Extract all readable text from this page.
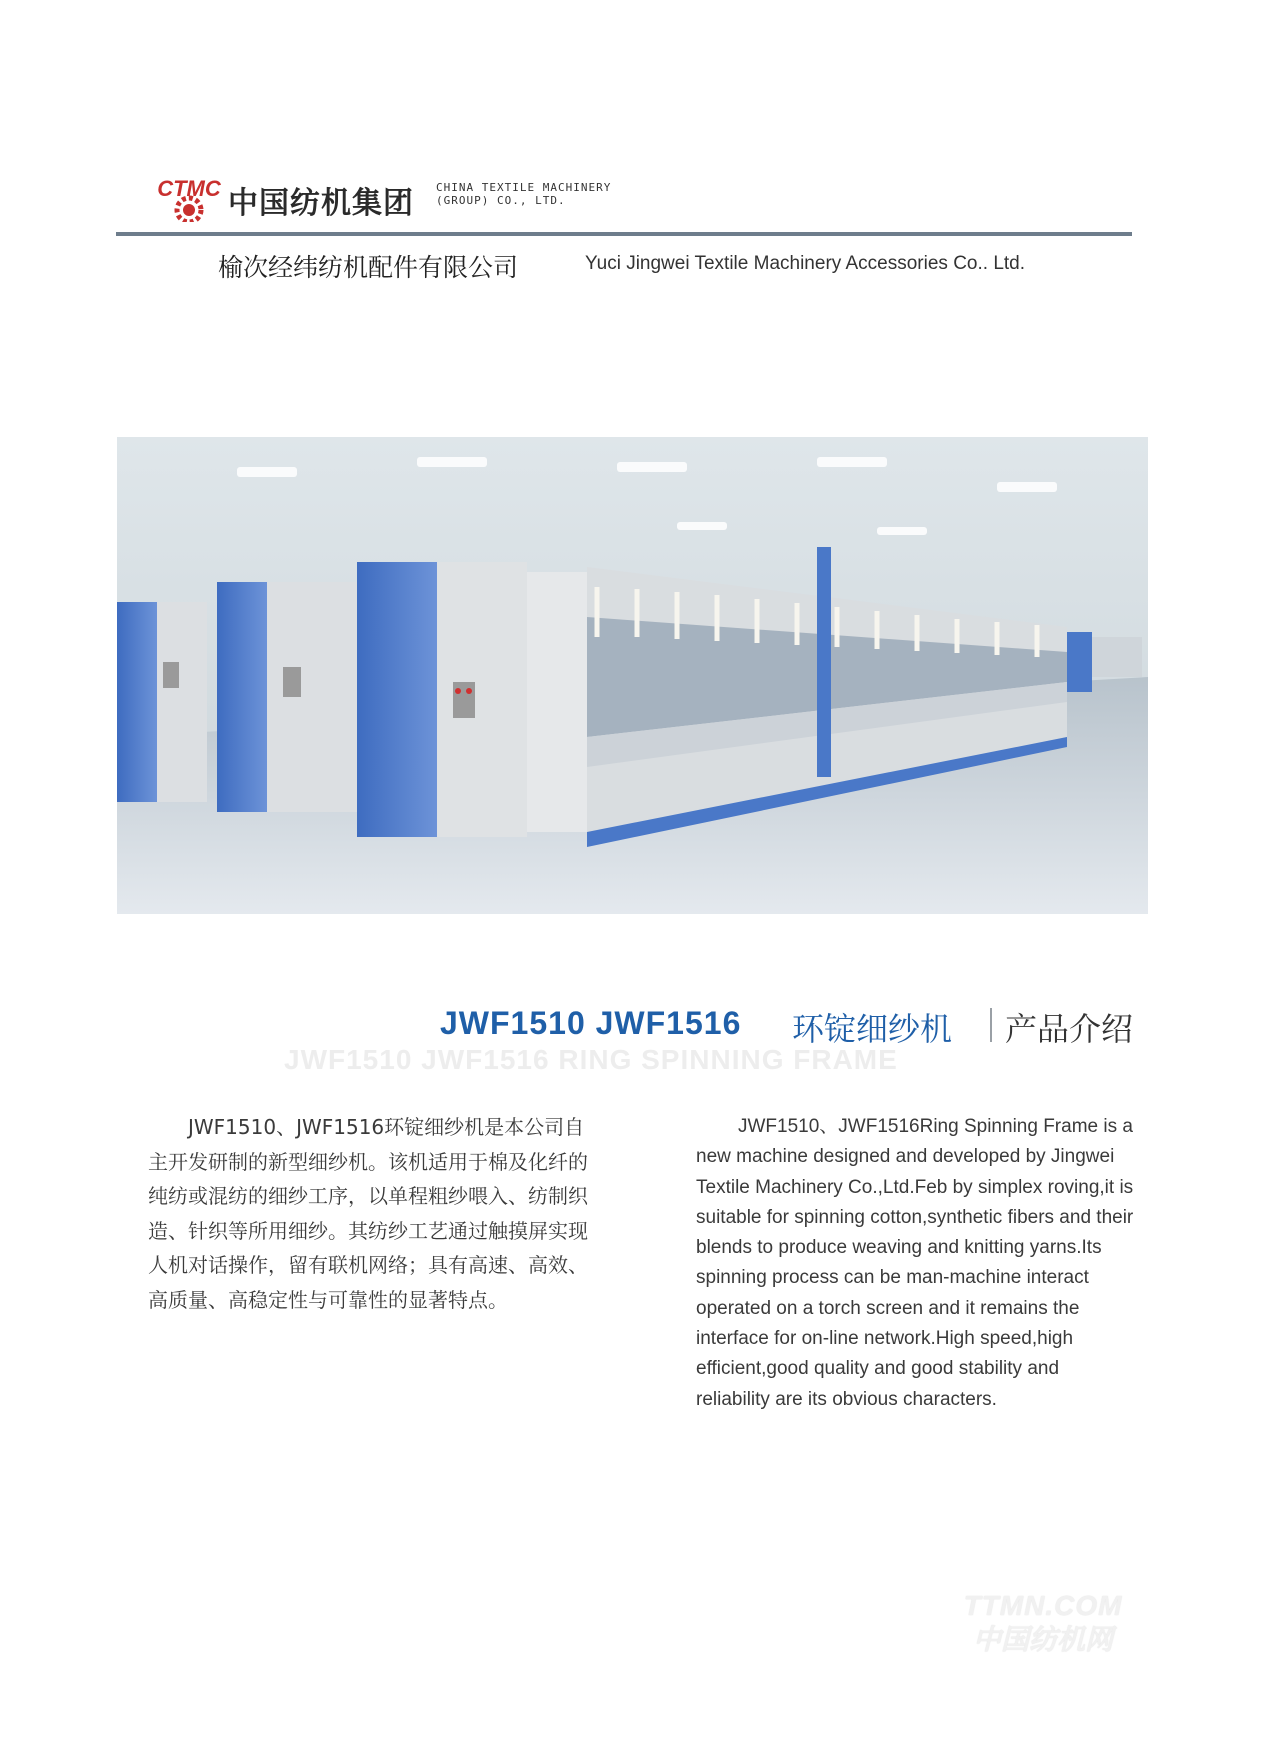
CTMC 中国纺机集团 CHINA TEXTILE MACHINERY
(GROUP) CO., LTD.
榆次经纬纺机配件有限公司	Yuci Jingwei Textile Machinery Accessories Co.. Ltd.
JWF1510 JWF1516 环锭细纱机 产品介绍
JWF1510 JWF1516 RING SPINNING FRAME
JWF1510、JWF1516环锭细纱机是本公司自主开发研制的新型细纱机。该机适用于棉及化纤的纯纺或混纺的细纱工序，以单程粗纱喂入、纺制织造、针织等所用细纱。其纺纱工艺通过触摸屏实现人机对话操作，留有联机网络；具有高速、高效、高质量、高稳定性与可靠性的显著特点。
JWF1510、JWF1516Ring Spinning Frame is a new machine designed and developed by Jingwei Textile Machinery Co.,Ltd.Feb by simplex roving,it is suitable for spinning cotton,synthetic fibers and their blends to produce weaving and knitting yarns.Its spinning process can be man-machine interact operated on a torch screen and it remains the interface for on-line network.High speed,high efficient,good quality and good stability and reliability are its obvious characters.
TTMN.COM
中国纺机网
